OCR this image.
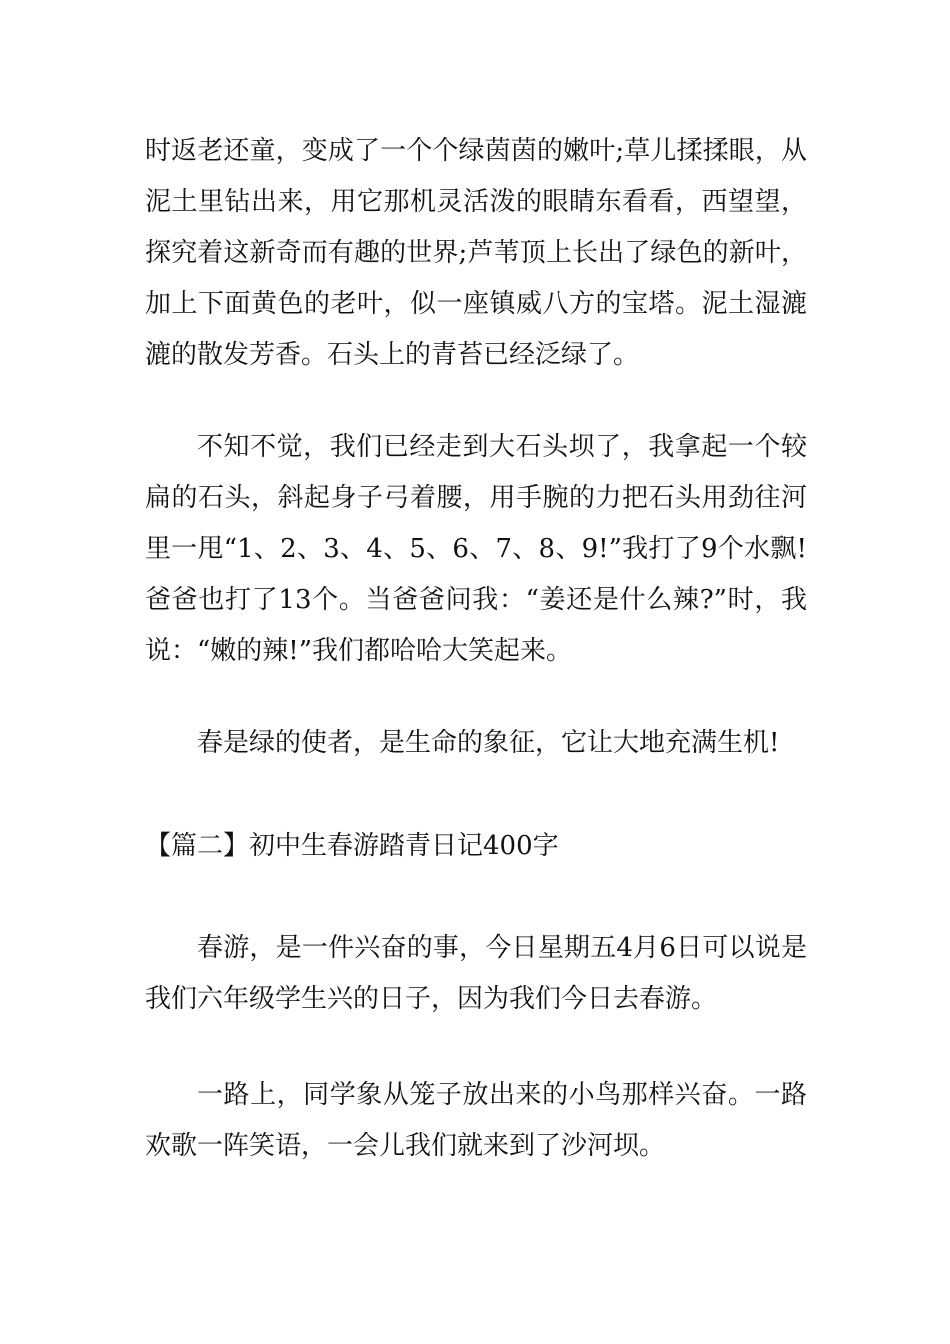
时返老还童，变成了一个个绿茵茵的嫩叶;草儿揉揉眼，从泥土里钻出来，用它那机灵活泼的眼睛东看看，西望望，探究着这新奇而有趣的世界;芦苇顶上长出了绿色的新叶，加上下面黄色的老叶，似一座镇威八方的宝塔。泥土湿漉漉的散发芳香。石头上的青苔已经泛绿了。

不知不觉，我们已经走到大石头坝了，我拿起一个较扁的石头，斜起身子弓着腰，用手腕的力把石头用劲往河里一甩“1、2、3、4、5、6、7、8、9!”我打了9个水飘!爸爸也打了13个。当爸爸问我：“姜还是什么辣?”时，我说：“嫩的辣!”我们都哈哈大笑起来。

春是绿的使者，是生命的象征，它让大地充满生机!

【篇二】初中生春游踏青日记400字

春游，是一件兴奋的事，今日星期五4月6日可以说是我们六年级学生兴的日子，因为我们今日去春游。

一路上，同学象从笼子放出来的小鸟那样兴奋。一路欢歌一阵笑语，一会儿我们就来到了沙河坝。
